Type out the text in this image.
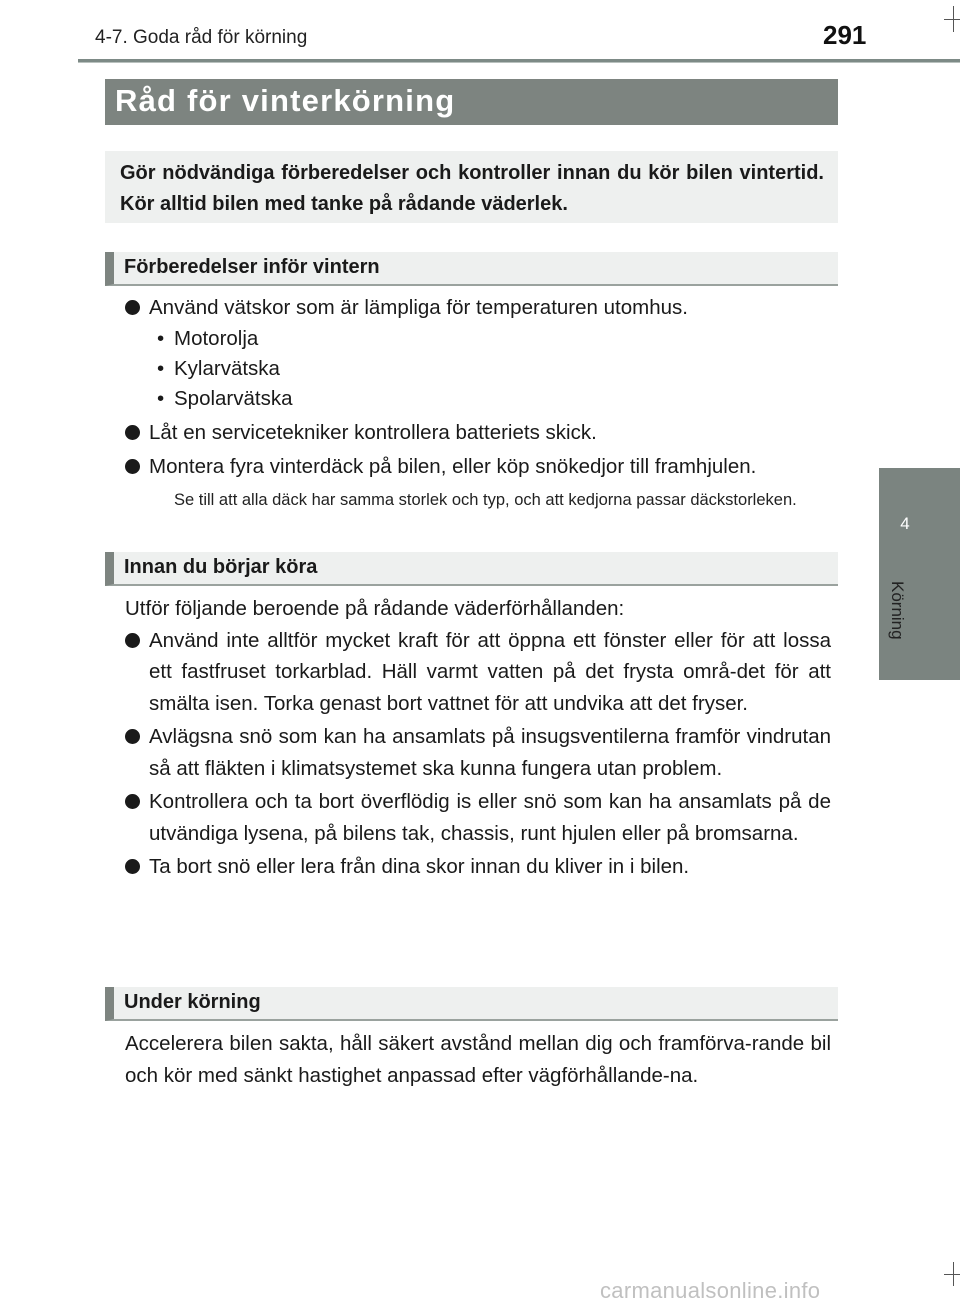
4-7. Goda råd för körning	291
4
Körning
Råd för vinterkörning

Gör nödvändiga förberedelser och kontroller innan du kör bilen vintertid. Kör alltid bilen med tanke på rådande väderlek.

Förberedelser inför vintern
Använd vätskor som är lämpliga för temperaturen utomhus.
• Motorolja
• Kylarvätska
• Spolarvätska
Låt en servicetekniker kontrollera batteriets skick.
Montera fyra vinterdäck på bilen, eller köp snökedjor till framhjulen.
Se till att alla däck har samma storlek och typ, och att kedjorna passar däckstorleken.
Innan du börjar köra
Utför följande beroende på rådande väderförhållanden:
Använd inte alltför mycket kraft för att öppna ett fönster eller för att lossa ett fastfruset torkarblad. Häll varmt vatten på det frysta områ-det för att smälta isen. Torka genast bort vattnet för att undvika att det fryser.
Avlägsna snö som kan ha ansamlats på insugsventilerna framför vindrutan så att fläkten i klimatsystemet ska kunna fungera utan problem.
Kontrollera och ta bort överflödig is eller snö som kan ha ansamlats på de utvändiga lysena, på bilens tak, chassis, runt hjulen eller på bromsarna.
Ta bort snö eller lera från dina skor innan du kliver in i bilen.
Under körning
Accelerera bilen sakta, håll säkert avstånd mellan dig och framförva-rande bil och kör med sänkt hastighet anpassad efter vägförhållande-na.
carmanualsonline.info
